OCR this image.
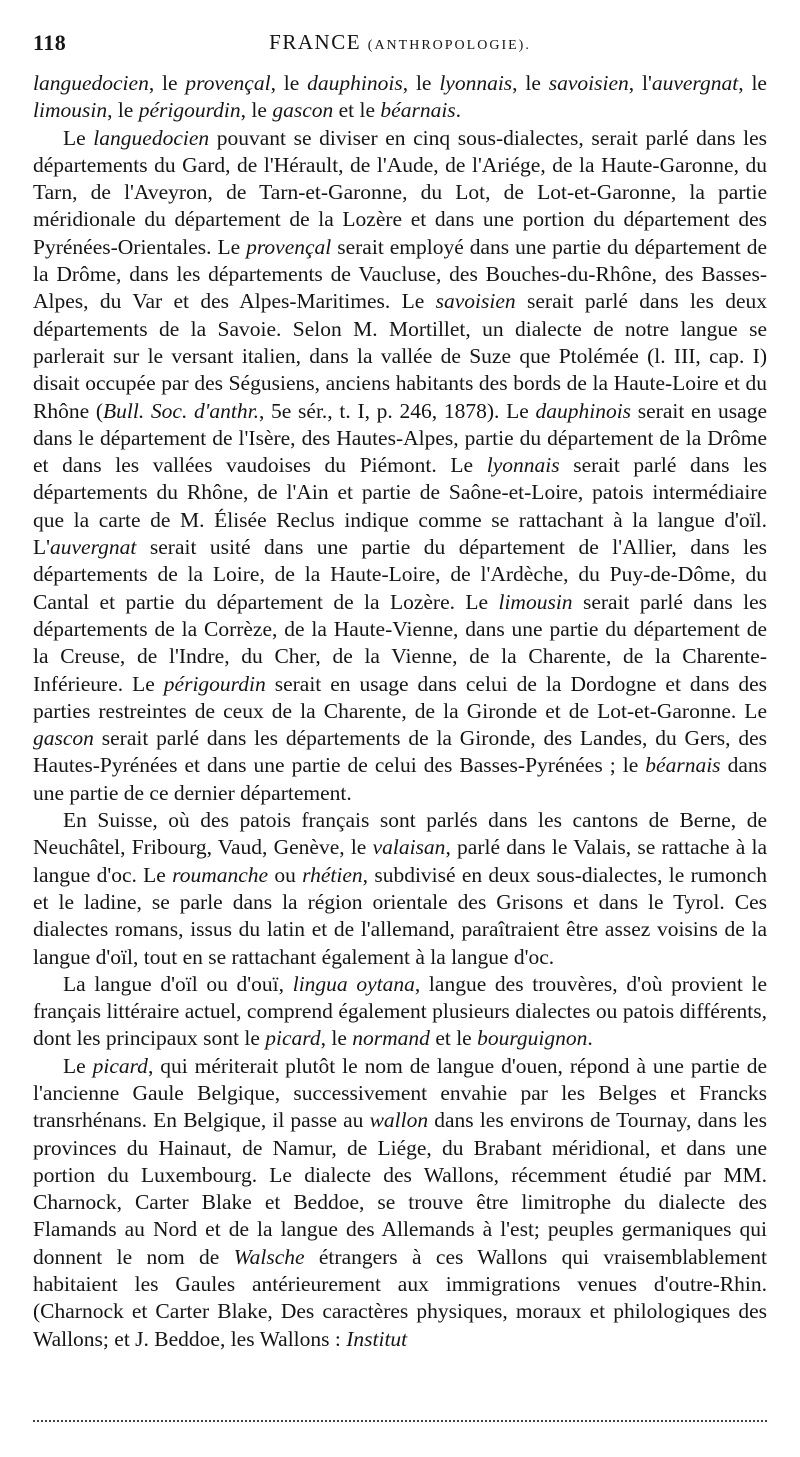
118	FRANCE (ANTHROPOLOGIE).

languedocien, le provençal, le dauphinois, le lyonnais, le savoisien, l'auvergnat, le limousin, le périgourdin, le gascon et le béarnais.

Le languedocien pouvant se diviser en cinq sous-dialectes, serait parlé dans les départements du Gard, de l'Hérault, de l'Aude, de l'Ariége, de la Haute-Garonne, du Tarn, de l'Aveyron, de Tarn-et-Garonne, du Lot, de Lot-et-Garonne, la partie méridionale du département de la Lozère et dans une portion du département des Pyrénées-Orientales. Le provençal serait employé dans une partie du département de la Drôme, dans les départements de Vaucluse, des Bouches-du-Rhône, des Basses-Alpes, du Var et des Alpes-Maritimes. Le savoisien serait parlé dans les deux départements de la Savoie. Selon M. Mortillet, un dialecte de notre langue se parlerait sur le versant italien, dans la vallée de Suze que Ptolémée (l. III, cap. I) disait occupée par des Ségusiens, anciens habitants des bords de la Haute-Loire et du Rhône (Bull. Soc. d'anthr., 5e sér., t. I, p. 246, 1878). Le dauphinois serait en usage dans le département de l'Isère, des Hautes-Alpes, partie du département de la Drôme et dans les vallées vaudoises du Piémont. Le lyonnais serait parlé dans les départements du Rhône, de l'Ain et partie de Saône-et-Loire, patois intermédiaire que la carte de M. Élisée Reclus indique comme se rattachant à la langue d'oïl. L'auvergnat serait usité dans une partie du département de l'Allier, dans les départements de la Loire, de la Haute-Loire, de l'Ardèche, du Puy-de-Dôme, du Cantal et partie du département de la Lozère. Le limousin serait parlé dans les départements de la Corrèze, de la Haute-Vienne, dans une partie du département de la Creuse, de l'Indre, du Cher, de la Vienne, de la Charente, de la Charente-Inférieure. Le périgourdin serait en usage dans celui de la Dordogne et dans des parties restreintes de ceux de la Charente, de la Gironde et de Lot-et-Garonne. Le gascon serait parlé dans les départements de la Gironde, des Landes, du Gers, des Hautes-Pyrénées et dans une partie de celui des Basses-Pyrénées ; le béarnais dans une partie de ce dernier département.

En Suisse, où des patois français sont parlés dans les cantons de Berne, de Neuchâtel, Fribourg, Vaud, Genève, le valaisan, parlé dans le Valais, se rattache à la langue d'oc. Le roumanche ou rhétien, subdivisé en deux sous-dialectes, le rumonch et le ladine, se parle dans la région orientale des Grisons et dans le Tyrol. Ces dialectes romans, issus du latin et de l'allemand, paraîtraient être assez voisins de la langue d'oïl, tout en se rattachant également à la langue d'oc.

La langue d'oïl ou d'ouï, lingua oytana, langue des trouvères, d'où provient le français littéraire actuel, comprend également plusieurs dialectes ou patois différents, dont les principaux sont le picard, le normand et le bourguignon.

Le picard, qui mériterait plutôt le nom de langue d'ouen, répond à une partie de l'ancienne Gaule Belgique, successivement envahie par les Belges et Francks transrhénans. En Belgique, il passe au wallon dans les environs de Tournay, dans les provinces du Hainaut, de Namur, de Liége, du Brabant méridional, et dans une portion du Luxembourg. Le dialecte des Wallons, récemment étudié par MM. Charnock, Carter Blake et Beddoe, se trouve être limitrophe du dialecte des Flamands au Nord et de la langue des Allemands à l'est; peuples germaniques qui donnent le nom de Walsche étrangers à ces Wallons qui vraisemblablement habitaient les Gaules antérieurement aux immigrations venues d'outre-Rhin. (Charnock et Carter Blake, Des caractères physiques, moraux et philologiques des Wallons; et J. Beddoe, les Wallons : Institut
